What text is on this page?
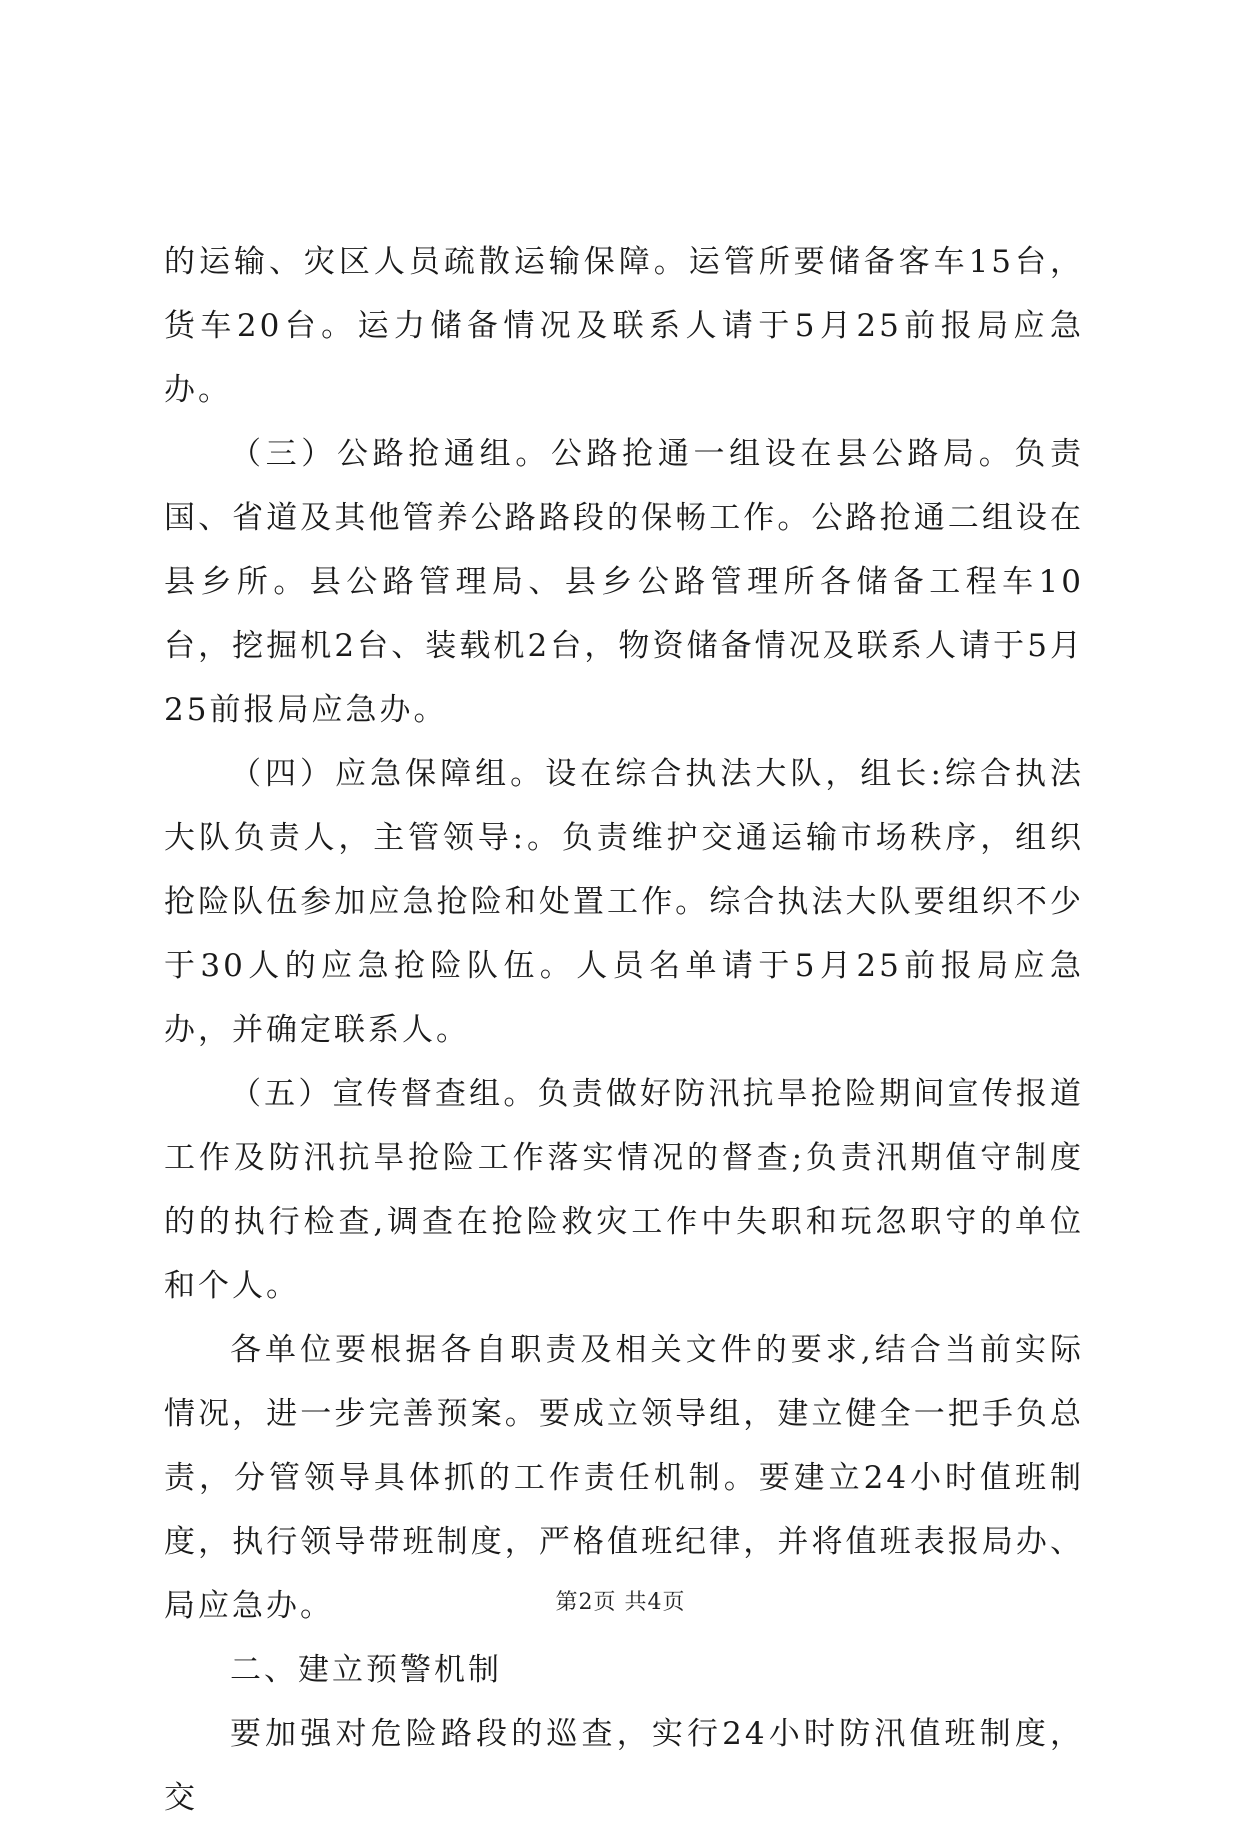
的运输、灾区人员疏散运输保障。运管所要储备客车15台，货车20台。运力储备情况及联系人请于5月25前报局应急办。

（三）公路抢通组。公路抢通一组设在县公路局。负责国、省道及其他管养公路路段的保畅工作。公路抢通二组设在县乡所。县公路管理局、县乡公路管理所各储备工程车10台，挖掘机2台、装载机2台，物资储备情况及联系人请于5月25前报局应急办。

（四）应急保障组。设在综合执法大队，组长:综合执法大队负责人，主管领导:。负责维护交通运输市场秩序，组织抢险队伍参加应急抢险和处置工作。综合执法大队要组织不少于30人的应急抢险队伍。人员名单请于5月25前报局应急办，并确定联系人。

（五）宣传督查组。负责做好防汛抗旱抢险期间宣传报道工作及防汛抗旱抢险工作落实情况的督查;负责汛期值守制度的的执行检查,调查在抢险救灾工作中失职和玩忽职守的单位和个人。

各单位要根据各自职责及相关文件的要求,结合当前实际情况，进一步完善预案。要成立领导组，建立健全一把手负总责，分管领导具体抓的工作责任机制。要建立24小时值班制度，执行领导带班制度，严格值班纪律，并将值班表报局办、局应急办。

二、建立预警机制

要加强对危险路段的巡查，实行24小时防汛值班制度，交

第2页 共4页
